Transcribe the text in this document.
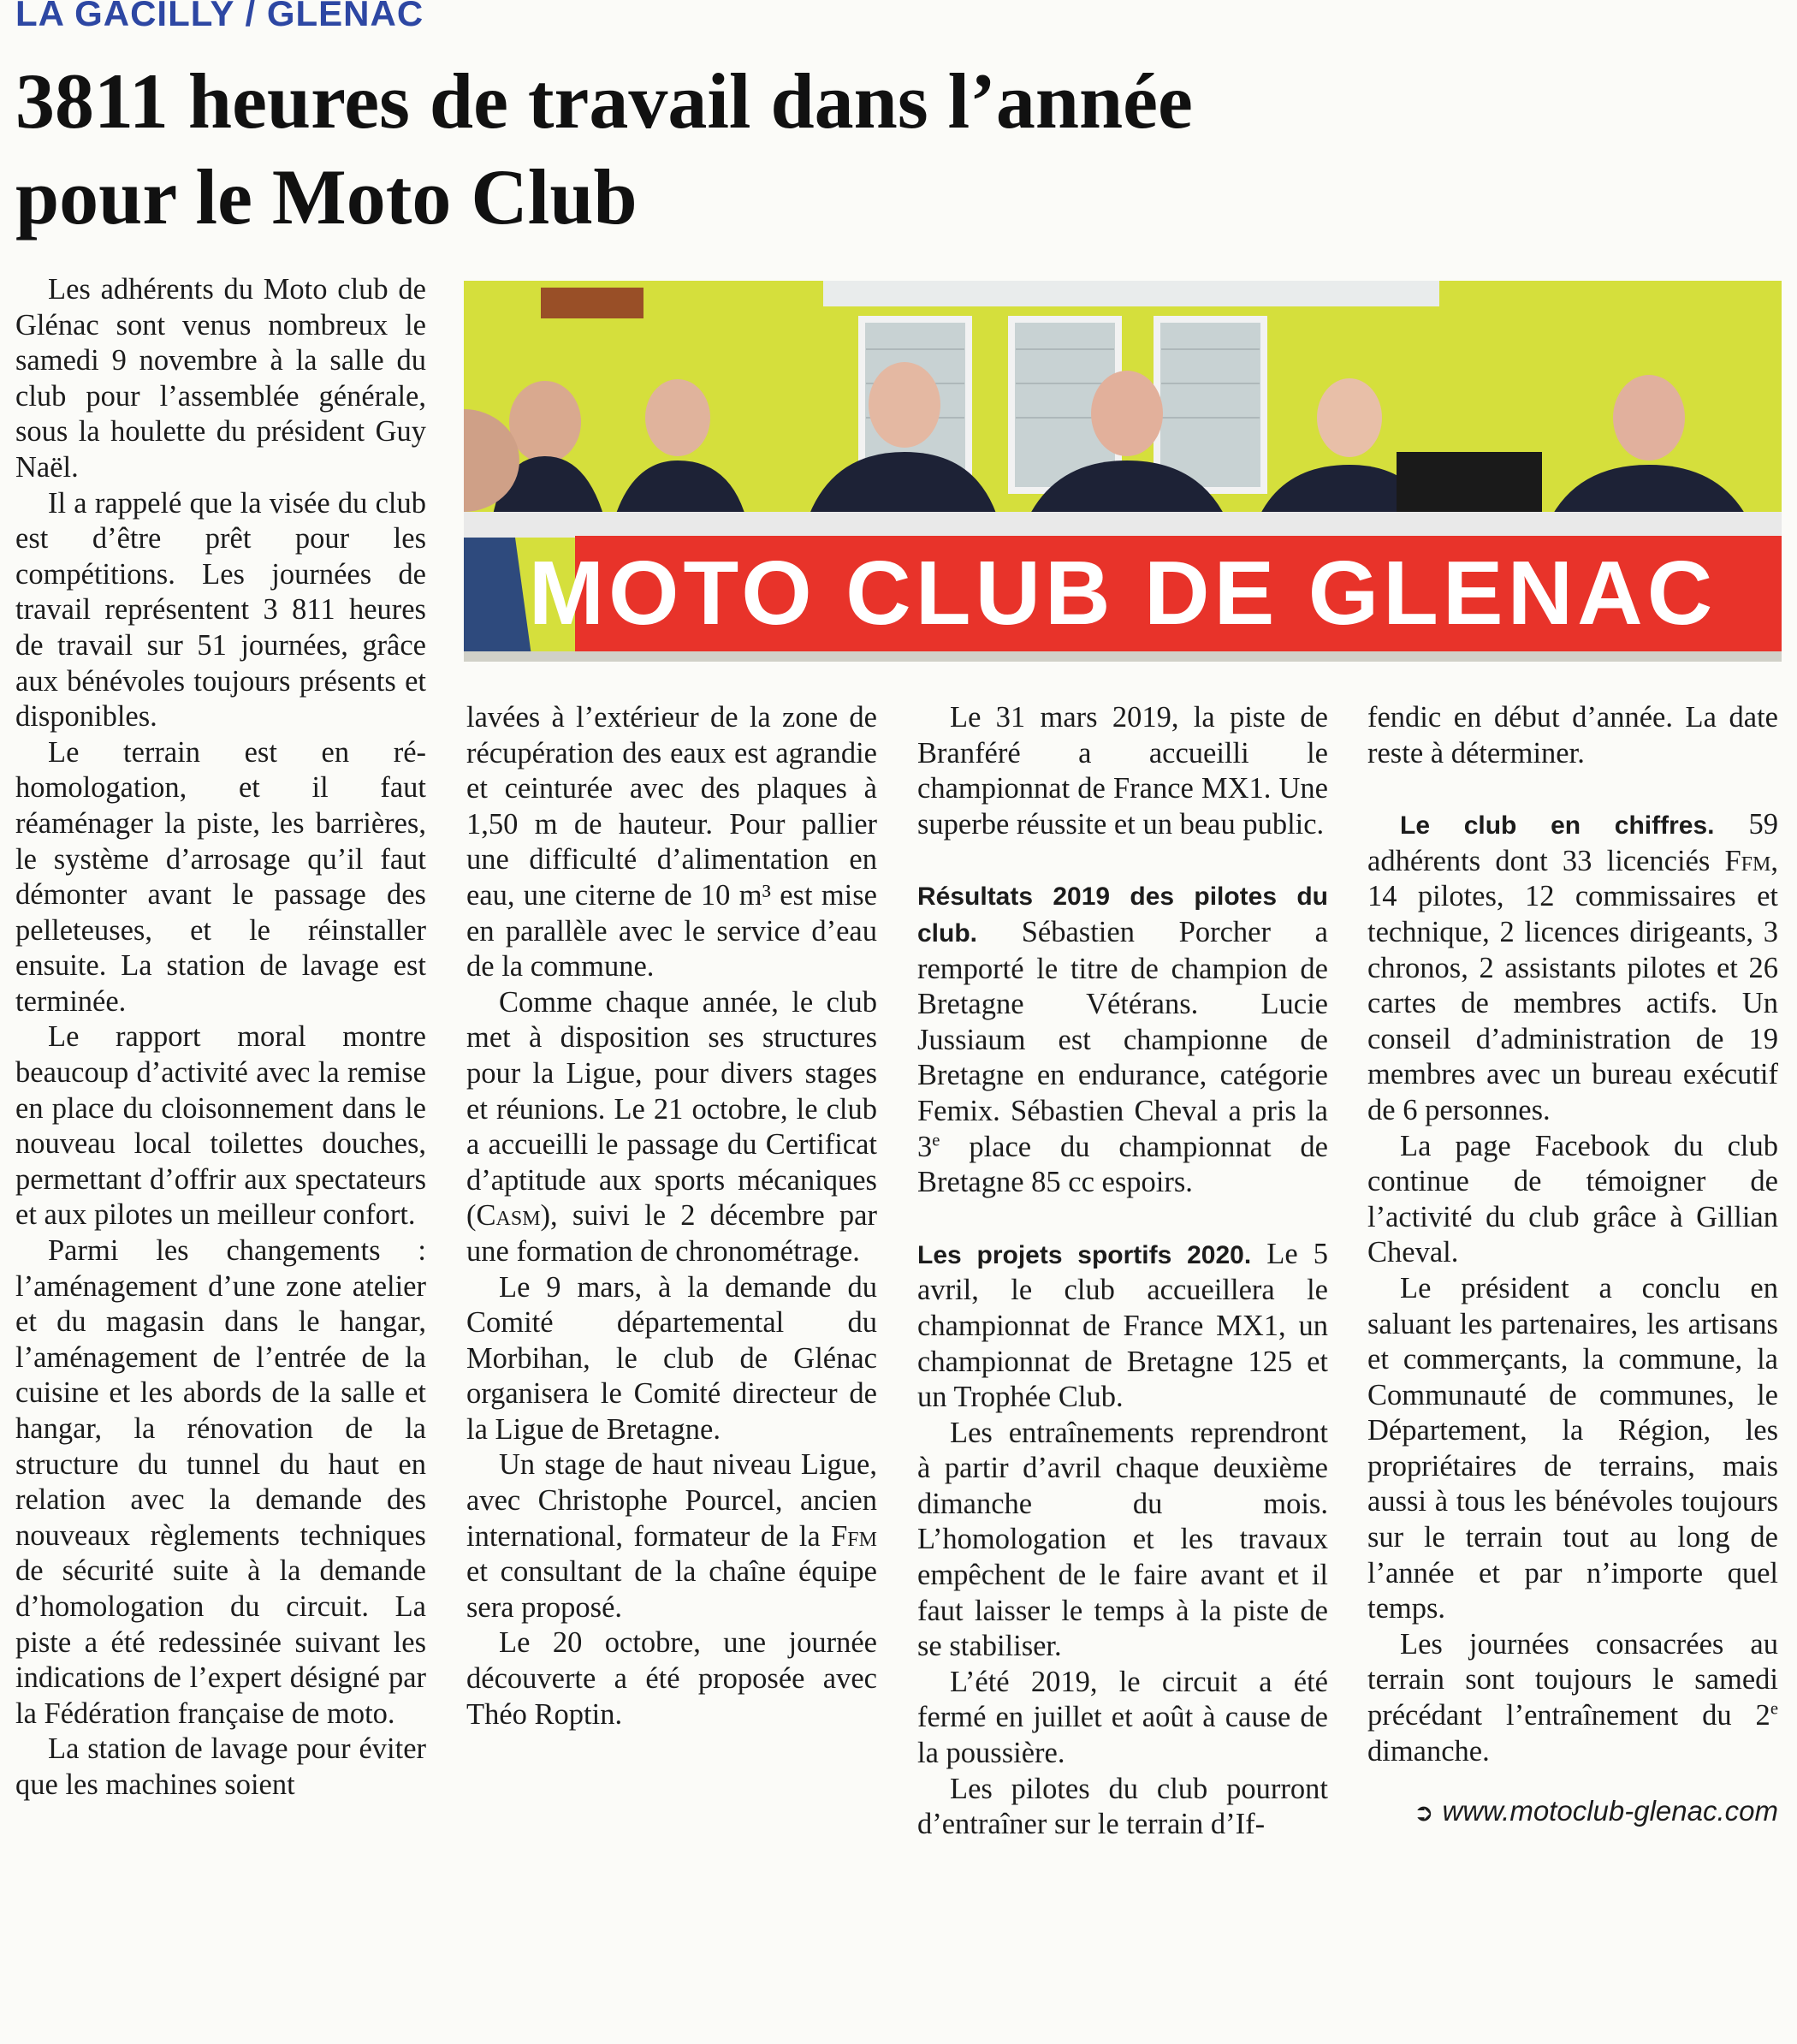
LA GACILLY / GLENAC
3811 heures de travail dans l’année
pour le Moto Club

Les adhérents du Moto club de Glénac sont venus nombreux le samedi 9 novembre à la salle du club pour l’assemblée générale, sous la houlette du président Guy Naël.

Il a rappelé que la visée du club est d’être prêt pour les compétitions. Les journées de travail représentent 3 811 heures de travail sur 51 journées, grâce aux bénévoles toujours présents et disponibles.

Le terrain est en ré-homologation, et il faut réaménager la piste, les barrières, le système d’arrosage qu’il faut démonter avant le passage des pelleteuses, et le réinstaller ensuite. La station de lavage est terminée.

Le rapport moral montre beaucoup d’activité avec la remise en place du cloisonnement dans le nouveau local toilettes douches, permettant d’offrir aux spectateurs et aux pilotes un meilleur confort.

Parmi les changements : l’aménagement d’une zone atelier et du magasin dans le hangar, l’aménagement de l’entrée de la cuisine et les abords de la salle et hangar, la rénovation de la structure du tunnel du haut en relation avec la demande des nouveaux règlements techniques de sécurité suite à la demande d’homologation du circuit. La piste a été redessinée suivant les indications de l’expert désigné par la Fédération française de moto.

La station de lavage pour éviter que les machines soient

MOTO CLUB DE GLENAC

lavées à l’extérieur de la zone de récupération des eaux est agrandie et ceinturée avec des plaques à 1,50 m de hauteur. Pour pallier une difficulté d’alimentation en eau, une citerne de 10 m³ est mise en parallèle avec le service d’eau de la commune.

Comme chaque année, le club met à disposition ses structures pour la Ligue, pour divers stages et réunions. Le 21 octobre, le club a accueilli le passage du Certificat d’aptitude aux sports mécaniques (Casm), suivi le 2 décembre par une formation de chronométrage.

Le 9 mars, à la demande du Comité départemental du Morbihan, le club de Glénac organisera le Comité directeur de la Ligue de Bretagne.

Un stage de haut niveau Ligue, avec Christophe Pourcel, ancien international, formateur de la Ffm et consultant de la chaîne équipe sera proposé.

Le 20 octobre, une journée découverte a été proposée avec Théo Roptin.

Le 31 mars 2019, la piste de Branféré a accueilli le championnat de France MX1. Une superbe réussite et un beau public.

Résultats 2019 des pilotes du club. Sébastien Porcher a remporté le titre de champion de Bretagne Vétérans. Lucie Jussiaum est championne de Bretagne en endurance, catégorie Femix. Sébastien Cheval a pris la 3e place du championnat de Bretagne 85 cc espoirs.

Les projets sportifs 2020. Le 5 avril, le club accueillera le championnat de France MX1, un championnat de Bretagne 125 et un Trophée Club.

Les entraînements reprendront à partir d’avril chaque deuxième dimanche du mois. L’homologation et les travaux empêchent de le faire avant et il faut laisser le temps à la piste de se stabiliser.

L’été 2019, le circuit a été fermé en juillet et août à cause de la poussière.

Les pilotes du club pourront d’entraîner sur le terrain d’If-

fendic en début d’année. La date reste à déterminer.

Le club en chiffres. 59 adhérents dont 33 licenciés Ffm, 14 pilotes, 12 commissaires et technique, 2 licences dirigeants, 3 chronos, 2 assistants pilotes et 26 cartes de membres actifs. Un conseil d’administration de 19 membres avec un bureau exécutif de 6 personnes.

La page Facebook du club continue de témoigner de l’activité du club grâce à Gillian Cheval.

Le président a conclu en saluant les partenaires, les artisans et commerçants, la commune, la Communauté de communes, le Département, la Région, les propriétaires de terrains, mais aussi à tous les bénévoles toujours sur le terrain tout au long de l’année et par n’importe quel temps.

Les journées consacrées au terrain sont toujours le samedi précédant l’entraînement du 2e dimanche.

➲ www.motoclub-glenac.com
